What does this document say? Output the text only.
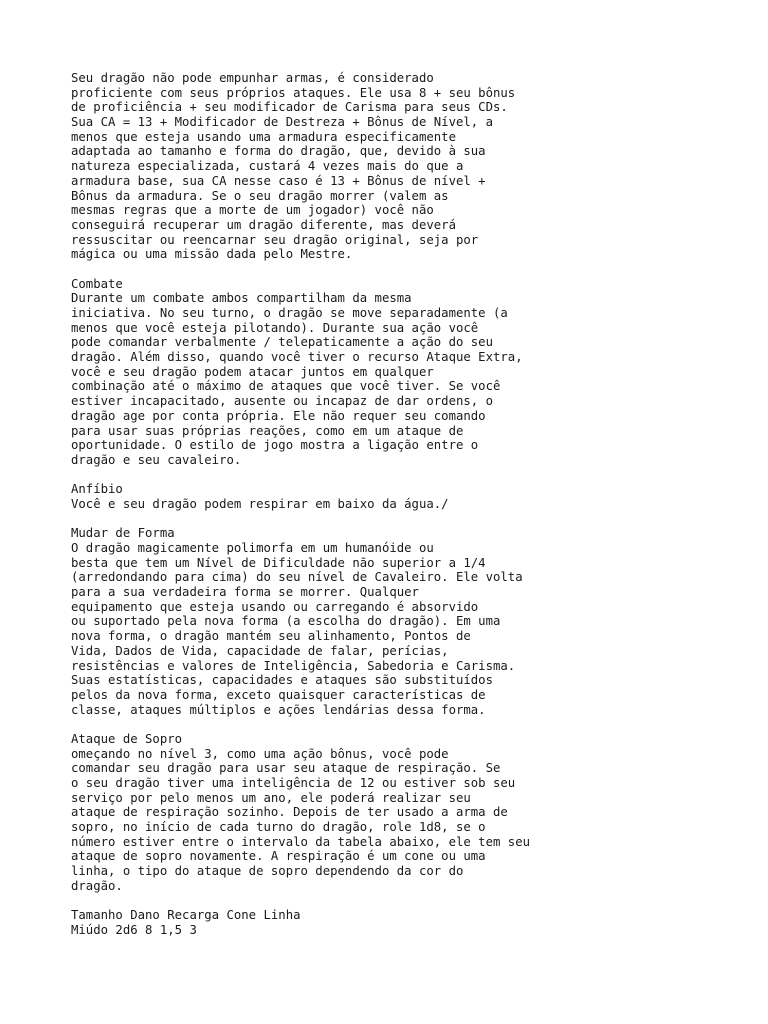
Seu dragão não pode empunhar armas, é considerado
proficiente com seus próprios ataques. Ele usa 8 + seu bônus
de proficiência + seu modificador de Carisma para seus CDs.
Sua CA = 13 + Modificador de Destreza + Bônus de Nível, a
menos que esteja usando uma armadura especificamente
adaptada ao tamanho e forma do dragão, que, devido à sua
natureza especializada, custará 4 vezes mais do que a
armadura base, sua CA nesse caso é 13 + Bônus de nível +
Bônus da armadura. Se o seu dragão morrer (valem as
mesmas regras que a morte de um jogador) você não
conseguirá recuperar um dragão diferente, mas deverá
ressuscitar ou reencarnar seu dragão original, seja por
mágica ou uma missão dada pelo Mestre.
Combate
Durante um combate ambos compartilham da mesma
iniciativa. No seu turno, o dragão se move separadamente (a
menos que você esteja pilotando). Durante sua ação você
pode comandar verbalmente / telepaticamente a ação do seu
dragão. Além disso, quando você tiver o recurso Ataque Extra,
você e seu dragão podem atacar juntos em qualquer
combinação até o máximo de ataques que você tiver. Se você
estiver incapacitado, ausente ou incapaz de dar ordens, o
dragão age por conta própria. Ele não requer seu comando
para usar suas próprias reações, como em um ataque de
oportunidade. O estilo de jogo mostra a ligação entre o
dragão e seu cavaleiro.
Anfíbio
Você e seu dragão podem respirar em baixo da água./
Mudar de Forma
O dragão magicamente polimorfa em um humanóide ou
besta que tem um Nível de Dificuldade não superior a 1/4
(arredondando para cima) do seu nível de Cavaleiro. Ele volta
para a sua verdadeira forma se morrer. Qualquer
equipamento que esteja usando ou carregando é absorvido
ou suportado pela nova forma (a escolha do dragão). Em uma
nova forma, o dragão mantém seu alinhamento, Pontos de
Vida, Dados de Vida, capacidade de falar, perícias,
resistências e valores de Inteligência, Sabedoria e Carisma.
Suas estatísticas, capacidades e ataques são substituídos
pelos da nova forma, exceto quaisquer características de
classe, ataques múltiplos e ações lendárias dessa forma.
Ataque de Sopro
omeçando no nível 3, como uma ação bônus, você pode
comandar seu dragão para usar seu ataque de respiração. Se
o seu dragão tiver uma inteligência de 12 ou estiver sob seu
serviço por pelo menos um ano, ele poderá realizar seu
ataque de respiração sozinho. Depois de ter usado a arma de
sopro, no início de cada turno do dragão, role 1d8, se o
número estiver entre o intervalo da tabela abaixo, ele tem seu
ataque de sopro novamente. A respiração é um cone ou uma
linha, o tipo do ataque de sopro dependendo da cor do
dragão.
Tamanho Dano Recarga Cone Linha
Miúdo 2d6 8 1,5 3
